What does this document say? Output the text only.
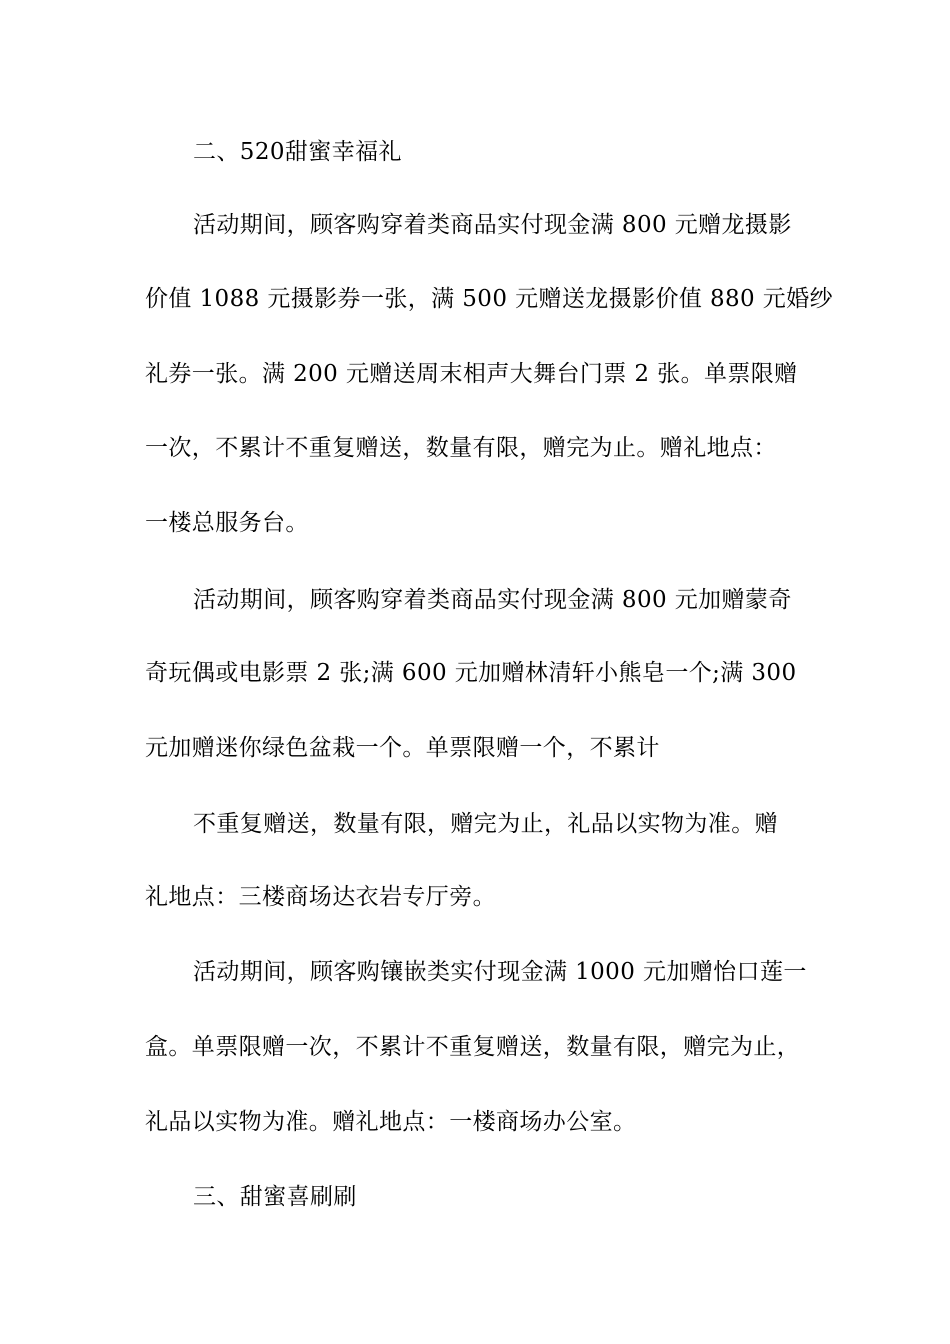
二、520甜蜜幸福礼
活动期间，顾客购穿着类商品实付现金满 800 元赠龙摄影
价值 1088 元摄影券一张，满 500 元赠送龙摄影价值 880 元婚纱
礼券一张。满 200 元赠送周末相声大舞台门票 2 张。单票限赠
一次，不累计不重复赠送，数量有限，赠完为止。赠礼地点：
一楼总服务台。
活动期间，顾客购穿着类商品实付现金满 800 元加赠蒙奇
奇玩偶或电影票 2 张;满 600 元加赠林清轩小熊皂一个;满 300
元加赠迷你绿色盆栽一个。单票限赠一个，不累计
不重复赠送，数量有限，赠完为止，礼品以实物为准。赠
礼地点：三楼商场达衣岩专厅旁。
活动期间，顾客购镶嵌类实付现金满 1000 元加赠怡口莲一
盒。单票限赠一次，不累计不重复赠送，数量有限，赠完为止，
礼品以实物为准。赠礼地点：一楼商场办公室。
三、甜蜜喜刷刷
